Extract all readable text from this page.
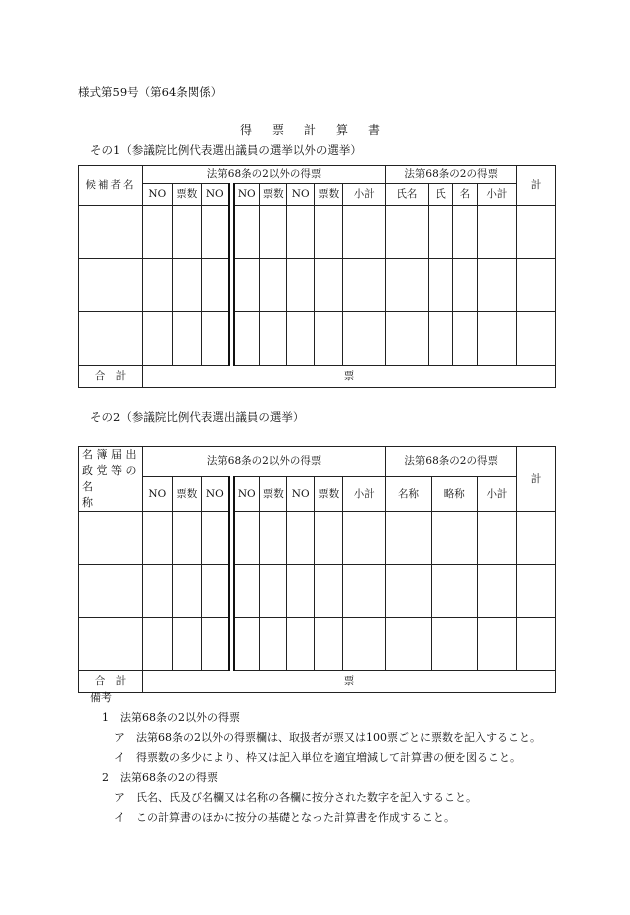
様式第59号（第64条関係）
得票計算書
その1（参議院比例代表選出議員の選挙以外の選挙）
候補者名	法第68条の2以外の得票								法第68条の2の得票				計
	NO	票数	NO	NO	票数	NO	票数	小計	氏名	氏	名	小計	

合　計	票												
その2（参議院比例代表選出議員の選挙）
名 簿 届 出
政 党 等 の
名　　　　称	法第68条の2以外の得票								法第68条の2の得票			計
	NO	票数	NO	NO	票数	NO	票数	小計	名称	略称	小計	

合　計	票											
備考
1　法第68条の2以外の得票
ア　法第68条の2以外の得票欄は、取扱者が票又は100票ごとに票数を記入すること。
イ　得票数の多少により、枠又は記入単位を適宜増減して計算書の便を図ること。
2　法第68条の2の得票
ア　氏名、氏及び名欄又は名称の各欄に按分された数字を記入すること。
イ　この計算書のほかに按分の基礎となった計算書を作成すること。
